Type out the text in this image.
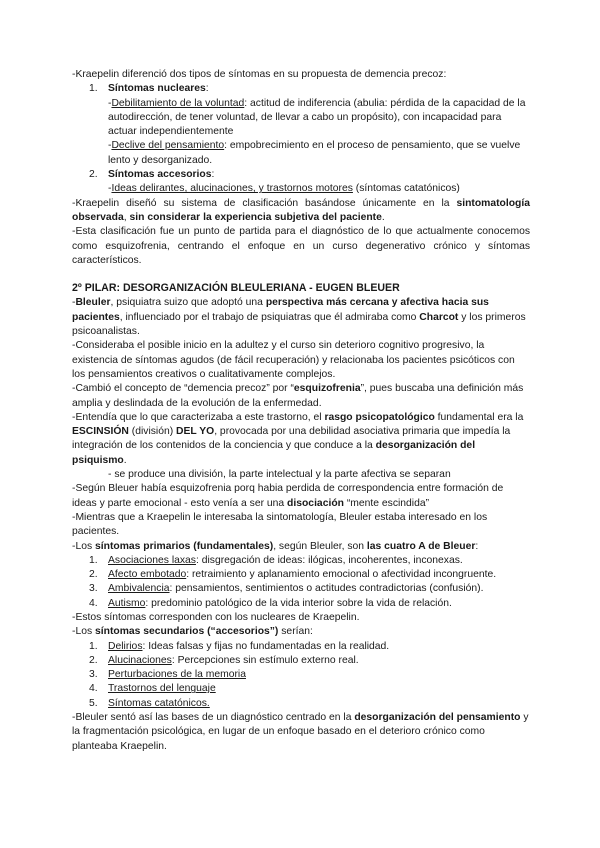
-Kraepelin diferenció dos tipos de síntomas en su propuesta de demencia precoz:

1. Síntomas nucleares:
-Debilitamiento de la voluntad: actitud de indiferencia (abulia: pérdida de la capacidad de la autodirección, de tener voluntad, de llevar a cabo un propósito), con incapacidad para actuar independientemente
-Declive del pensamiento: empobrecimiento en el proceso de pensamiento, que se vuelve lento y desorganizado.
2. Síntomas accesorios:
-Ideas delirantes, alucinaciones, y trastornos motores (síntomas catatónicos)

-Kraepelin diseñó su sistema de clasificación basándose únicamente en la sintomatología observada, sin considerar la experiencia subjetiva del paciente.

-Esta clasificación fue un punto de partida para el diagnóstico de lo que actualmente conocemos como esquizofrenia, centrando el enfoque en un curso degenerativo crónico y síntomas característicos.

2º PILAR: DESORGANIZACIÓN BLEULERIANA - EUGEN BLEUER

-Bleuler, psiquiatra suizo que adoptó una perspectiva más cercana y afectiva hacia sus pacientes, influenciado por el trabajo de psiquiatras que él admiraba como Charcot y los primeros psicoanalistas.

-Consideraba el posible inicio en la adultez y el curso sin deterioro cognitivo progresivo, la existencia de síntomas agudos (de fácil recuperación) y relacionaba los pacientes psicóticos con los pensamientos creativos o cualitativamente complejos.

-Cambió el concepto de “demencia precoz” por “esquizofrenia”, pues buscaba una definición más amplia y deslindada de la evolución de la enfermedad.

-Entendía que lo que caracterizaba a este trastorno, el rasgo psicopatológico fundamental era la ESCINSIÓN (división) DEL YO, provocada por una debilidad asociativa primaria que impedía la integración de los contenidos de la conciencia y que conduce a la desorganización del psiquismo.

- se produce una división, la parte intelectual y la parte afectiva se separan

-Según Bleuer había esquizofrenia porq habia perdida de correspondencia entre formación de ideas y parte emocional - esto venía a ser una disociación “mente escindida”

-Mientras que a Kraepelin le interesaba la sintomatología, Bleuler estaba interesado en los pacientes.

-Los síntomas primarios (fundamentales), según Bleuler, son las cuatro A de Bleuer:

1. Asociaciones laxas: disgregación de ideas: ilógicas, incoherentes, inconexas.
2. Afecto embotado: retraimiento y aplanamiento emocional o afectividad incongruente.
3. Ambivalencia: pensamientos, sentimientos o actitudes contradictorias (confusión).
4. Autismo: predominio patológico de la vida interior sobre la vida de relación.

-Estos síntomas corresponden con los nucleares de Kraepelin.

-Los síntomas secundarios (“accesorios”) serían:

1. Delirios: Ideas falsas y fijas no fundamentadas en la realidad.
2. Alucinaciones: Percepciones sin estímulo externo real.
3. Perturbaciones de la memoria
4. Trastornos del lenguaje
5. Síntomas catatónicos.

-Bleuler sentó así las bases de un diagnóstico centrado en la desorganización del pensamiento y la fragmentación psicológica, en lugar de un enfoque basado en el deterioro crónico como planteaba Kraepelin.
